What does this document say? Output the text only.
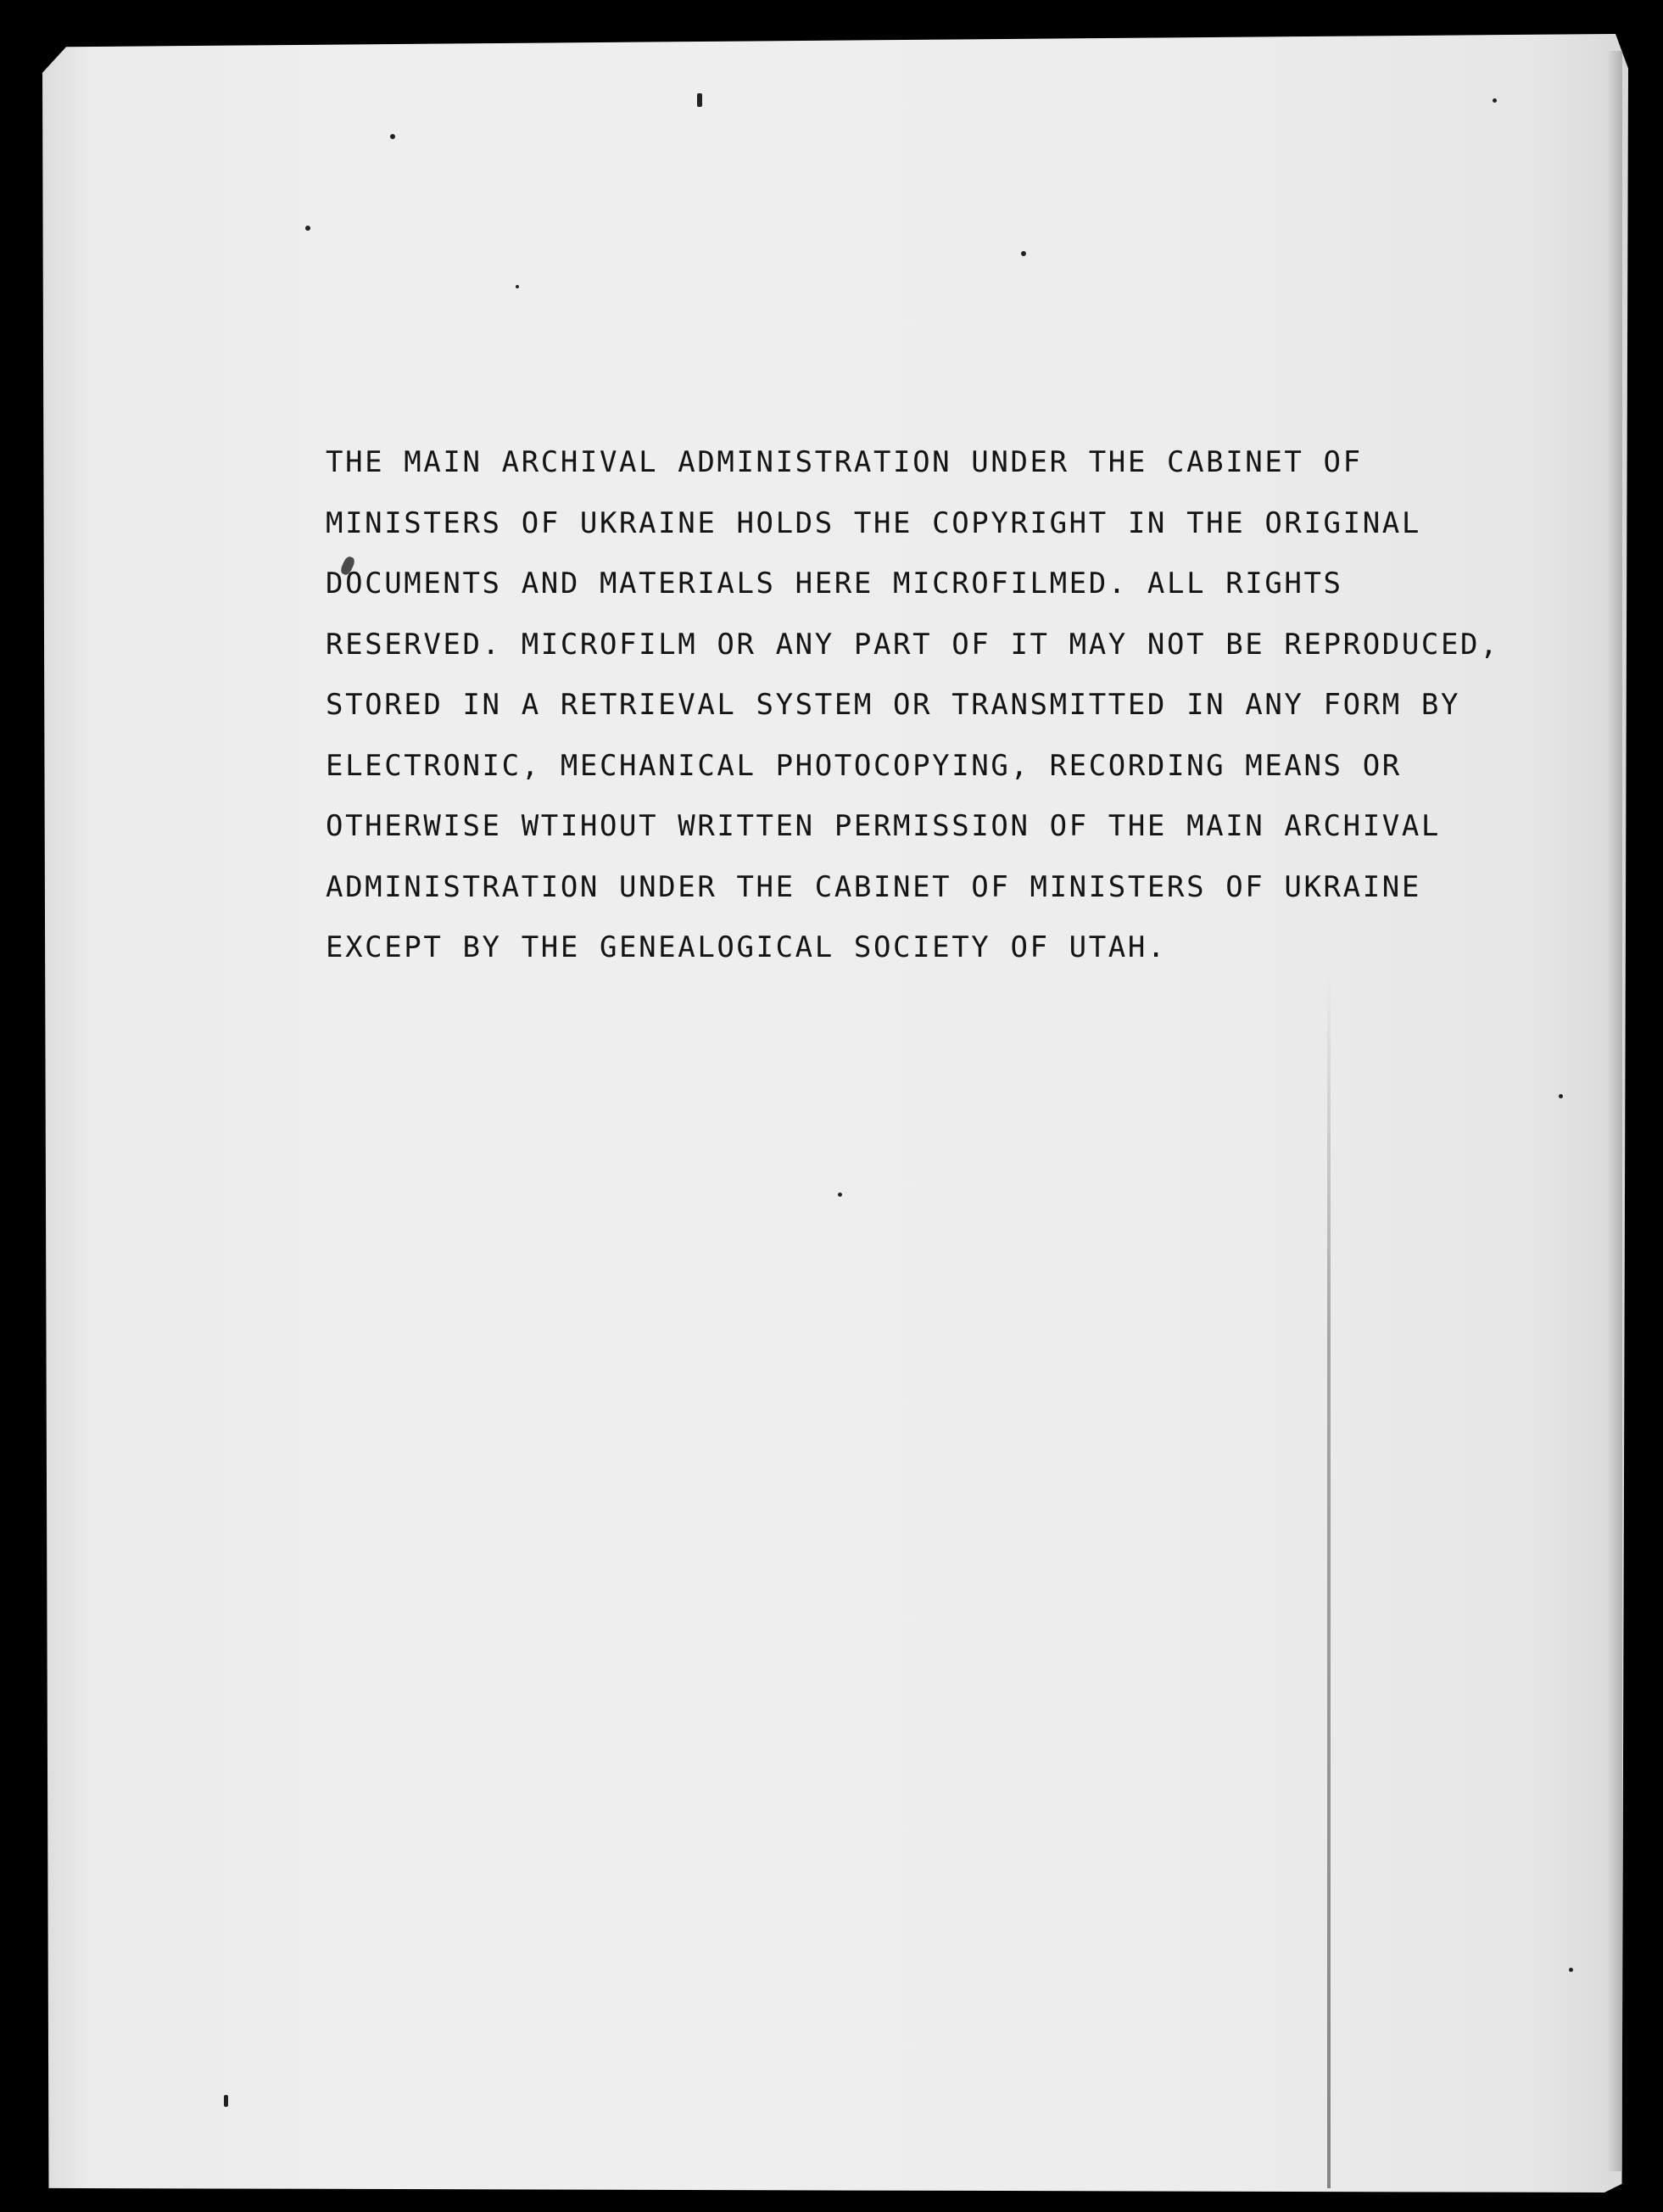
THE MAIN ARCHIVAL ADMINISTRATION UNDER THE CABINET OF

MINISTERS OF UKRAINE HOLDS THE COPYRIGHT IN THE ORIGINAL

DOCUMENTS AND MATERIALS HERE MICROFILMED. ALL RIGHTS

RESERVED. MICROFILM OR ANY PART OF IT MAY NOT BE REPRODUCED,

STORED IN A RETRIEVAL SYSTEM OR TRANSMITTED IN ANY FORM BY

ELECTRONIC, MECHANICAL PHOTOCOPYING, RECORDING MEANS OR

OTHERWISE WTIHOUT WRITTEN PERMISSION OF THE MAIN ARCHIVAL

ADMINISTRATION UNDER THE CABINET OF MINISTERS OF UKRAINE

EXCEPT BY THE GENEALOGICAL SOCIETY OF UTAH.
